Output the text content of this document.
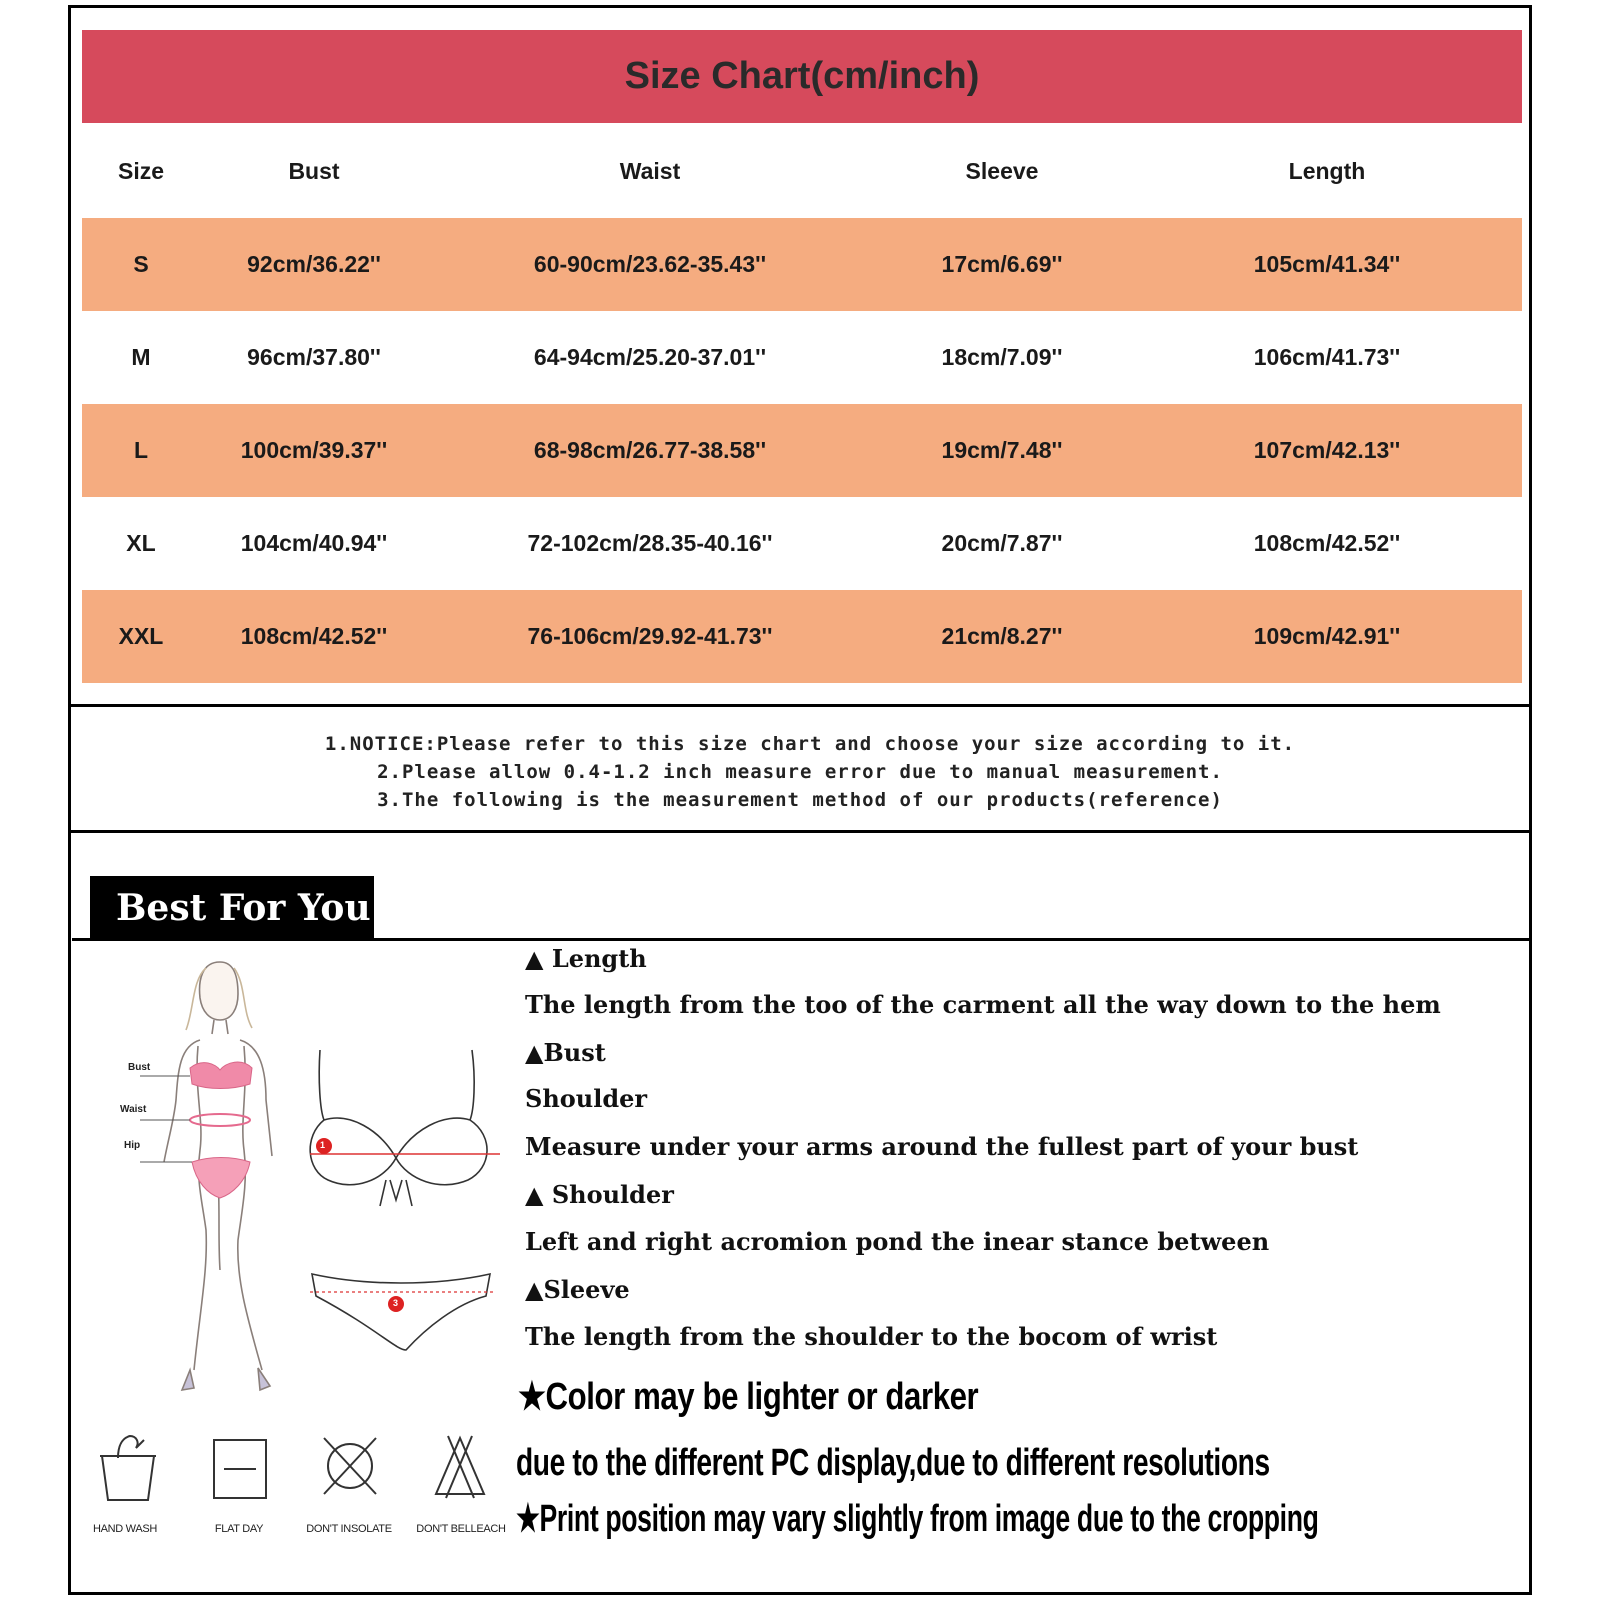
Size Chart(cm/inch)
Size	Bust	Waist	Sleeve	Length
S	92cm/36.22''	60-90cm/23.62-35.43''	17cm/6.69''	105cm/41.34''
M	96cm/37.80''	64-94cm/25.20-37.01''	18cm/7.09''	106cm/41.73''
L	100cm/39.37''	68-98cm/26.77-38.58''	19cm/7.48''	107cm/42.13''
XL	104cm/40.94''	72-102cm/28.35-40.16''	20cm/7.87''	108cm/42.52''
XXL	108cm/42.52''	76-106cm/29.92-41.73''	21cm/8.27''	109cm/42.91''
1.NOTICE:Please refer to this size chart and choose your size according to it.
2.Please allow 0.4-1.2 inch measure error due to manual measurement.
3.The following is the measurement method of our products(reference)
Best For You
Bust
Waist
Hip	1
3
▲ Length
The length from the too of the carment all the way down to the hem
▲Bust
Shoulder
Measure under your arms around the fullest part of your bust
▲ Shoulder
Left and right acromion pond the inear stance between
▲Sleeve
The length from the shoulder to the bocom of wrist
★Color may be lighter or darker
due to the different PC display,due to different resolutions
★Print position may vary slightly from image due to the cropping
HAND WASH	FLAT DAY	DON'T INSOLATE	DON'T BELLEACH
